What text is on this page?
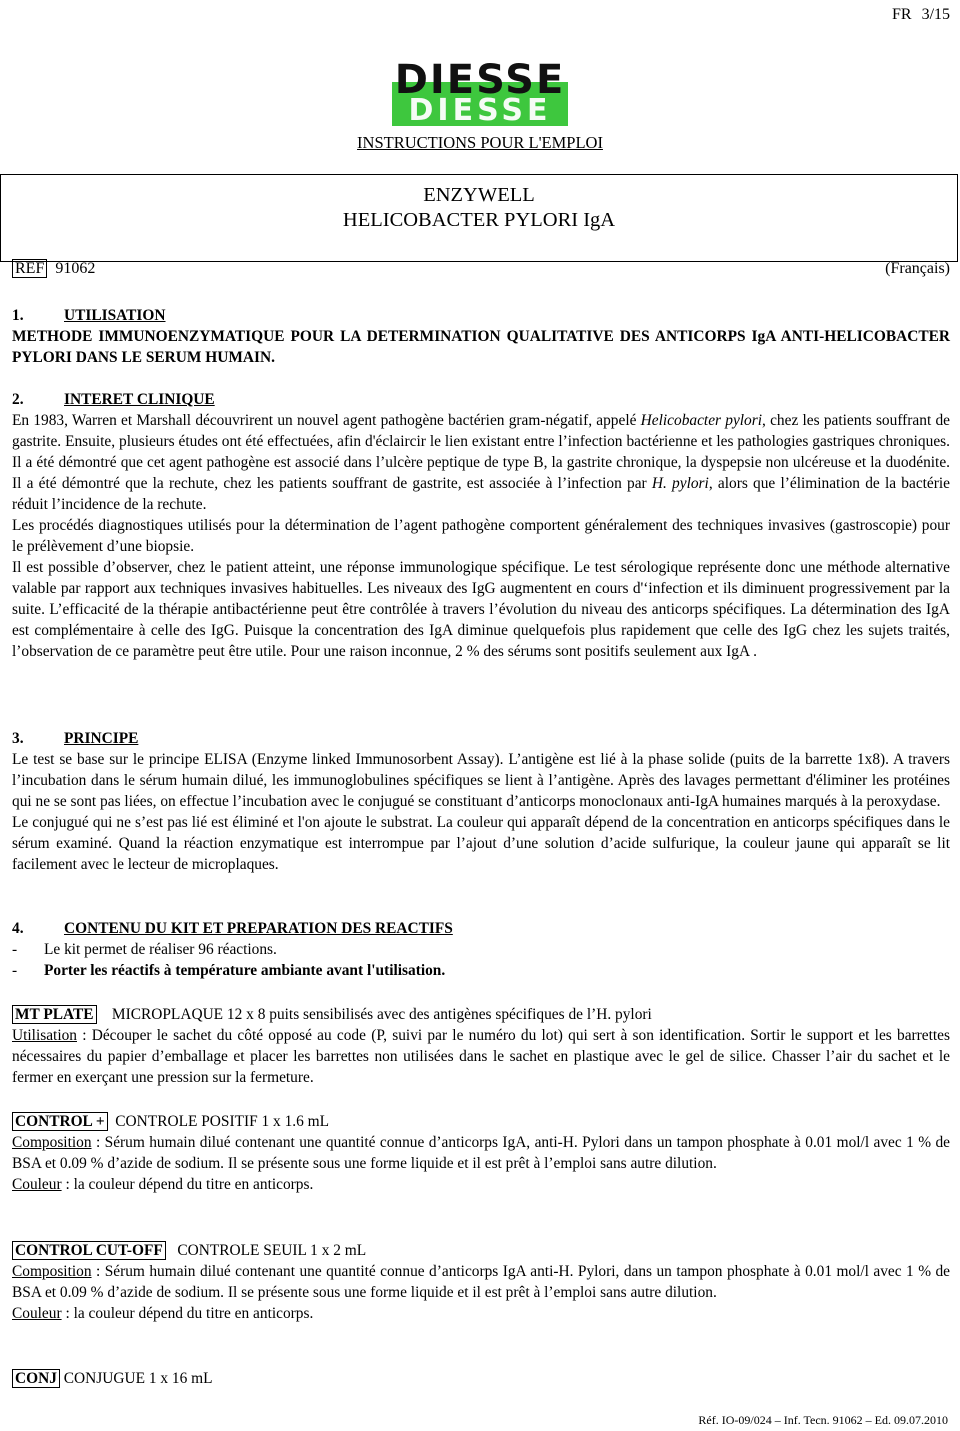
FR 3/15
DIESSE
DIESSE
INSTRUCTIONS POUR L'EMPLOI
ENZYWELL
HELICOBACTER PYLORI IgA
REF 91062	(Français)
1.	UTILISATION

METHODE IMMUNOENZYMATIQUE POUR LA DETERMINATION QUALITATIVE DES ANTICORPS IgA ANTI-HELICOBACTER PYLORI DANS LE SERUM HUMAIN.

2.	INTERET CLINIQUE

En 1983, Warren et Marshall découvrirent un nouvel agent pathogène bactérien gram-négatif, appelé Helicobacter pylori, chez les patients souffrant de gastrite. Ensuite, plusieurs études ont été effectuées, afin d'éclaircir le lien existant entre l’infection bactérienne et les pathologies gastriques chroniques. Il a été démontré que cet agent pathogène est associé dans l’ulcère peptique de type B, la gastrite chronique, la dyspepsie non ulcéreuse et la duodénite. Il a été démontré que la rechute, chez les patients souffrant de gastrite, est associée à l’infection par H. pylori, alors que l’élimination de la bactérie réduit l’incidence de la rechute.

Les procédés diagnostiques utilisés pour la détermination de l’agent pathogène comportent généralement des techniques invasives (gastroscopie) pour le prélèvement d’une biopsie.

Il est possible d’observer, chez le patient atteint, une réponse immunologique spécifique. Le test sérologique représente donc une méthode alternative valable par rapport aux techniques invasives habituelles. Les niveaux des IgG augmentent en cours d'‘infection et ils diminuent progressivement par la suite. L’efficacité de la thérapie antibactérienne peut être contrôlée à travers l’évolution du niveau des anticorps spécifiques. La détermination des IgA est complémentaire à celle des IgG. Puisque la concentration des IgA diminue quelquefois plus rapidement que celle des IgG chez les sujets traités, l’observation de ce paramètre peut être utile. Pour une raison inconnue, 2 % des sérums sont positifs seulement aux IgA .

3.	PRINCIPE

Le test se base sur le principe ELISA (Enzyme linked Immunosorbent Assay). L’antigène est lié à la phase solide (puits de la barrette 1x8). A travers l’incubation dans le sérum humain dilué, les immunoglobulines spécifiques se lient à l’antigène. Après des lavages permettant d'éliminer les protéines qui ne se sont pas liées, on effectue l’incubation avec le conjugué se constituant d’anticorps monoclonaux anti-IgA humaines marqués à la peroxydase.

Le conjugué qui ne s’est pas lié est éliminé et l'on ajoute le substrat. La couleur qui apparaît dépend de la concentration en anticorps spécifiques dans le sérum examiné. Quand la réaction enzymatique est interrompue par l’ajout d’une solution d’acide sulfurique, la couleur jaune qui apparaît se lit facilement avec le lecteur de microplaques.

4.	CONTENU DU KIT ET PREPARATION DES REACTIFS
-	Le kit permet de réaliser 96 réactions.
-	Porter les réactifs à température ambiante avant l'utilisation.
MT PLATE MICROPLAQUE 12 x 8 puits sensibilisés avec des antigènes spécifiques de l’H. pylori

Utilisation : Découper le sachet du côté opposé au code (P, suivi par le numéro du lot) qui sert à son identification. Sortir le support et les barrettes nécessaires du papier d’emballage et placer les barrettes non utilisées dans le sachet en plastique avec le gel de silice. Chasser l’air du sachet et le fermer en exerçant une pression sur la fermeture.

CONTROL + CONTROLE POSITIF 1 x 1.6 mL

Composition : Sérum humain dilué contenant une quantité connue d’anticorps IgA, anti-H. Pylori dans un tampon phosphate à 0.01 mol/l avec 1 % de BSA et 0.09 % d’azide de sodium. Il se présente sous une forme liquide et il est prêt à l’emploi sans autre dilution.

Couleur : la couleur dépend du titre en anticorps.

CONTROL CUT-OFF CONTROLE SEUIL 1 x 2 mL

Composition : Sérum humain dilué contenant une quantité connue d’anticorps IgA anti-H. Pylori, dans un tampon phosphate à 0.01 mol/l avec 1 % de BSA et 0.09 % d’azide de sodium. Il se présente sous une forme liquide et il est prêt à l’emploi sans autre dilution.

Couleur : la couleur dépend du titre en anticorps.

CONJ CONJUGUE 1 x 16 mL
Réf. IO-09/024 – Inf. Tecn. 91062 – Ed. 09.07.2010
